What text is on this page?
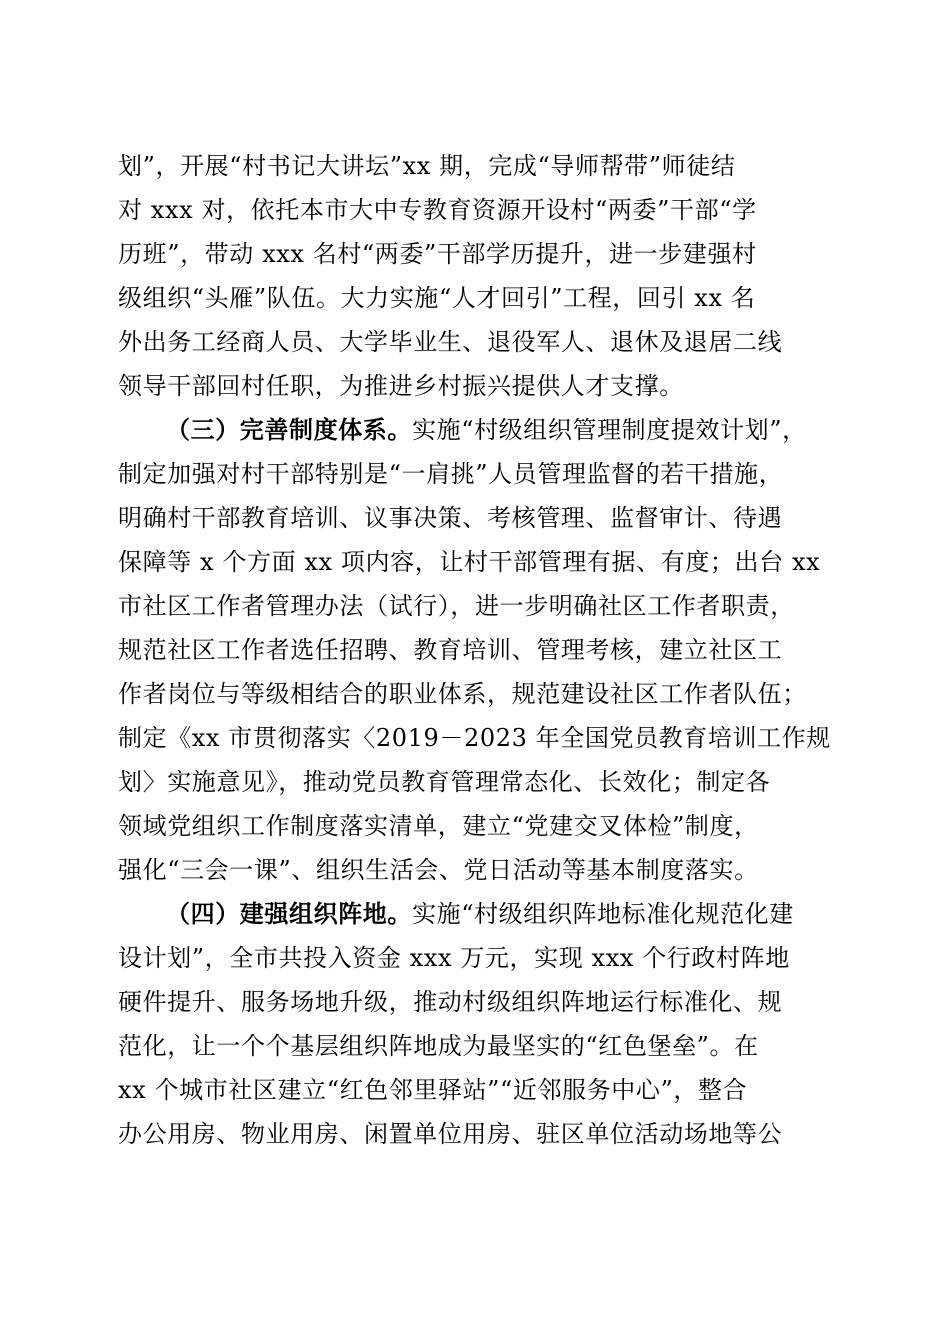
划”，开展“村书记大讲坛”xx 期，完成“导师帮带”师徒结
对 xxx 对，依托本市大中专教育资源开设村“两委”干部“学
历班”，带动 xxx 名村“两委”干部学历提升，进一步建强村
级组织“头雁”队伍。大力实施“人才回引”工程，回引 xx 名
外出务工经商人员、大学毕业生、退役军人、退休及退居二线
领导干部回村任职，为推进乡村振兴提供人才支撑。
（三）完善制度体系。实施“村级组织管理制度提效计划”，
制定加强对村干部特别是“一肩挑”人员管理监督的若干措施，
明确村干部教育培训、议事决策、考核管理、监督审计、待遇
保障等 x 个方面 xx 项内容，让村干部管理有据、有度；出台 xx
市社区工作者管理办法（试行），进一步明确社区工作者职责，
规范社区工作者选任招聘、教育培训、管理考核，建立社区工
作者岗位与等级相结合的职业体系，规范建设社区工作者队伍；
制定《xx 市贯彻落实〈2019－2023 年全国党员教育培训工作规
划〉实施意见》，推动党员教育管理常态化、长效化；制定各
领域党组织工作制度落实清单，建立“党建交叉体检”制度，
强化“三会一课”、组织生活会、党日活动等基本制度落实。
（四）建强组织阵地。实施“村级组织阵地标准化规范化建
设计划”，全市共投入资金 xxx 万元，实现 xxx 个行政村阵地
硬件提升、服务场地升级，推动村级组织阵地运行标准化、规
范化，让一个个基层组织阵地成为最坚实的“红色堡垒”。在
xx 个城市社区建立“红色邻里驿站”“近邻服务中心”，整合
办公用房、物业用房、闲置单位用房、驻区单位活动场地等公
